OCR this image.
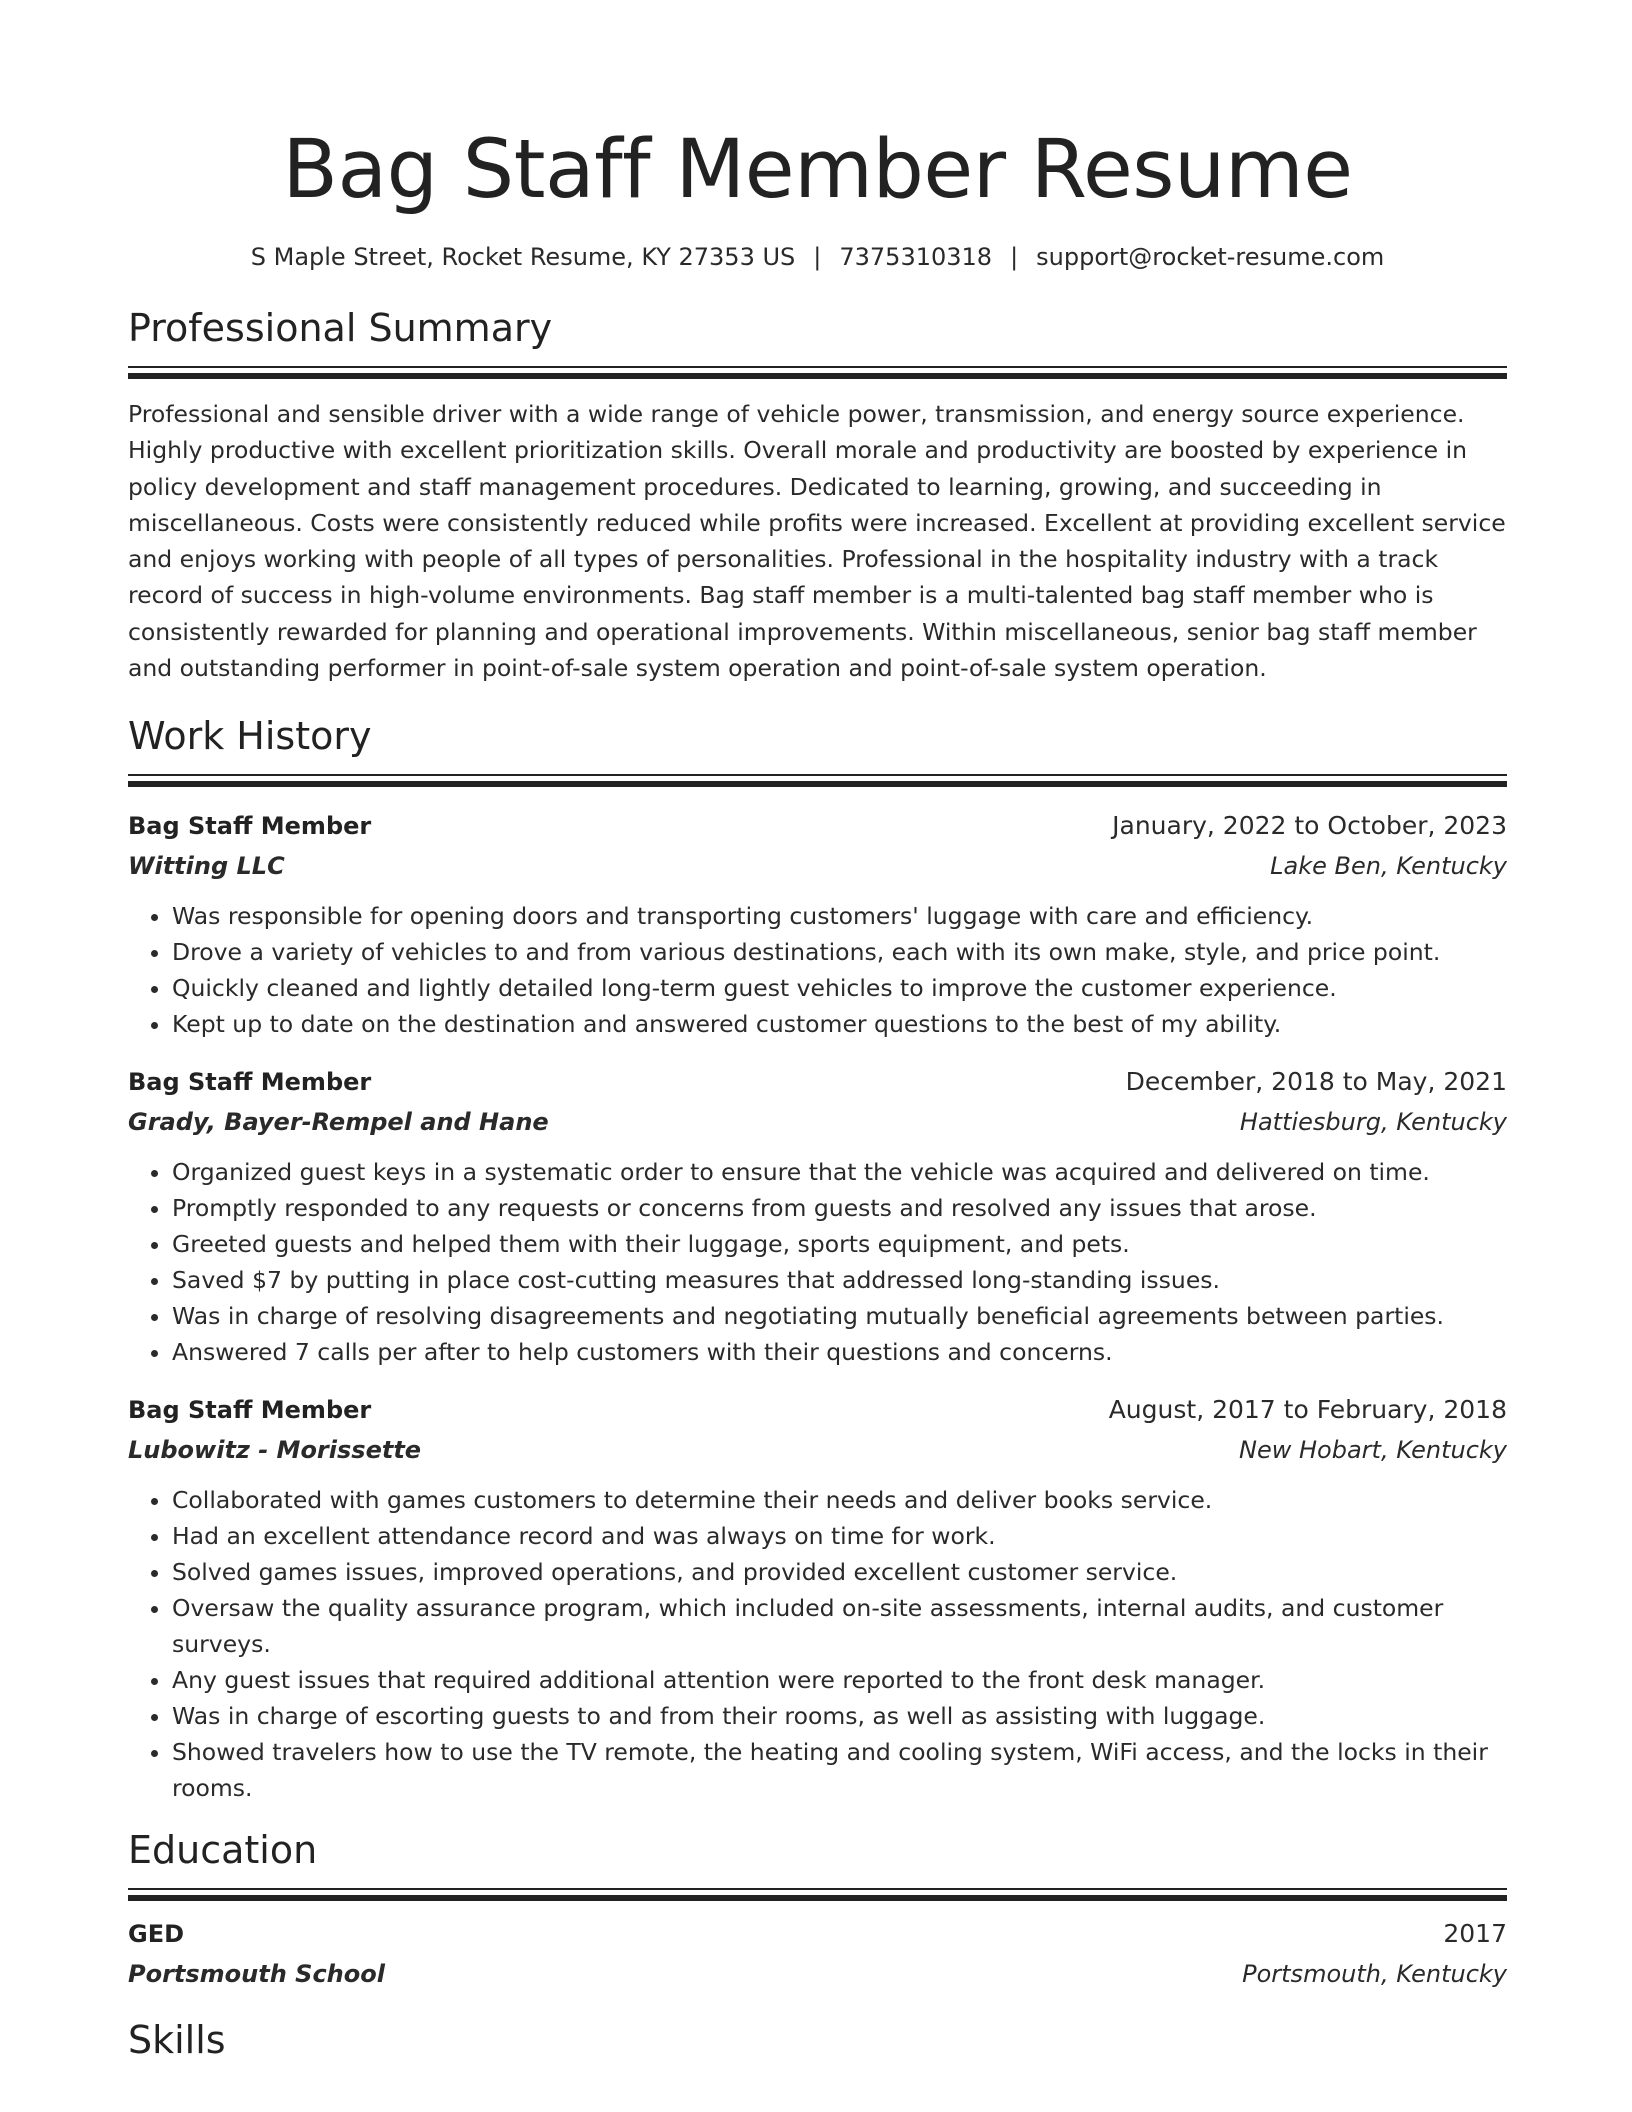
Bag Staff Member Resume
S Maple Street, Rocket Resume, KY 27353 US | 7375310318 | support@rocket-resume.com
Professional Summary

Professional and sensible driver with a wide range of vehicle power, transmission, and energy source experience. Highly productive with excellent prioritization skills. Overall morale and productivity are boosted by experience in policy development and staff management procedures. Dedicated to learning, growing, and succeeding in miscellaneous. Costs were consistently reduced while profits were increased. Excellent at providing excellent service and enjoys working with people of all types of personalities. Professional in the hospitality industry with a track record of success in high-volume environments. Bag staff member is a multi-talented bag staff member who is consistently rewarded for planning and operational improvements. Within miscellaneous, senior bag staff member and outstanding performer in point-of-sale system operation and point-of-sale system operation.

Work History
Bag Staff Member	January, 2022 to October, 2023
Witting LLC	Lake Ben, Kentucky
• Was responsible for opening doors and transporting customers' luggage with care and efficiency.
• Drove a variety of vehicles to and from various destinations, each with its own make, style, and price point.
• Quickly cleaned and lightly detailed long-term guest vehicles to improve the customer experience.
• Kept up to date on the destination and answered customer questions to the best of my ability.
Bag Staff Member	December, 2018 to May, 2021
Grady, Bayer-Rempel and Hane	Hattiesburg, Kentucky
• Organized guest keys in a systematic order to ensure that the vehicle was acquired and delivered on time.
• Promptly responded to any requests or concerns from guests and resolved any issues that arose.
• Greeted guests and helped them with their luggage, sports equipment, and pets.
• Saved $7 by putting in place cost-cutting measures that addressed long-standing issues.
• Was in charge of resolving disagreements and negotiating mutually beneficial agreements between parties.
• Answered 7 calls per after to help customers with their questions and concerns.
Bag Staff Member	August, 2017 to February, 2018
Lubowitz - Morissette	New Hobart, Kentucky
• Collaborated with games customers to determine their needs and deliver books service.
• Had an excellent attendance record and was always on time for work.
• Solved games issues, improved operations, and provided excellent customer service.
• Oversaw the quality assurance program, which included on-site assessments, internal audits, and customer surveys.
• Any guest issues that required additional attention were reported to the front desk manager.
• Was in charge of escorting guests to and from their rooms, as well as assisting with luggage.
• Showed travelers how to use the TV remote, the heating and cooling system, WiFi access, and the locks in their rooms.
Education
GED	2017
Portsmouth School	Portsmouth, Kentucky
Skills
